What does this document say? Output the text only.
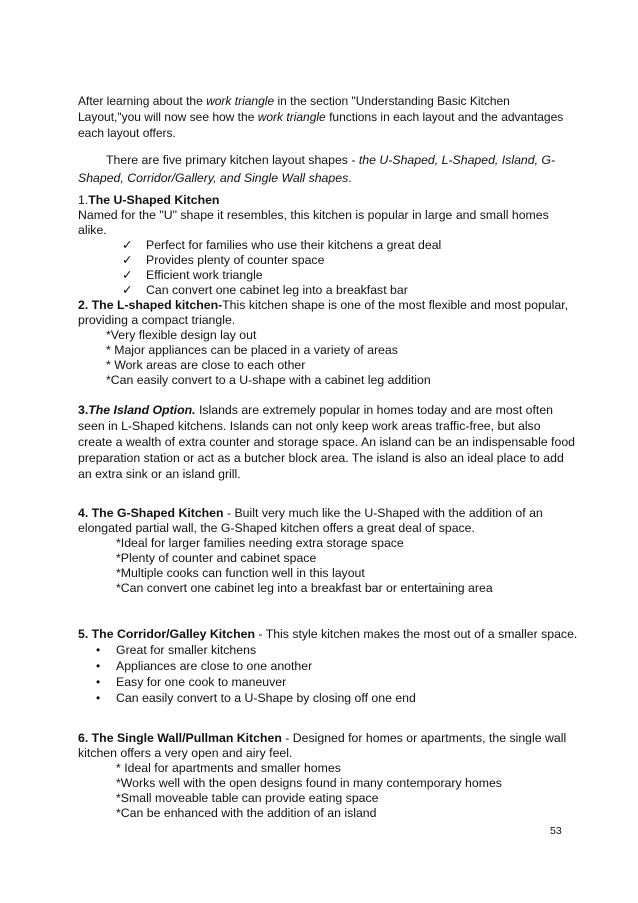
After learning about the work triangle in the section "Understanding Basic Kitchen Layout,"you will now see how the work triangle functions in each layout and the advantages each layout offers.

There are five primary kitchen layout shapes - the U-Shaped, L-Shaped, Island, G-Shaped, Corridor/Gallery, and Single Wall shapes.

1.The U-Shaped Kitchen

Named for the "U" shape it resembles, this kitchen is popular in large and small homes alike.

✓ Perfect for families who use their kitchens a great deal
✓ Provides plenty of counter space
✓ Efficient work triangle
✓ Can convert one cabinet leg into a breakfast bar

2. The L-shaped kitchen-This kitchen shape is one of the most flexible and most popular, providing a compact triangle.

*Very flexible design lay out
* Major appliances can be placed in a variety of areas
* Work areas are close to each other
*Can easily convert to a U-shape with a cabinet leg addition

3.The Island Option. Islands are extremely popular in homes today and are most often seen in L-Shaped kitchens. Islands can not only keep work areas traffic-free, but also create a wealth of extra counter and storage space. An island can be an indispensable food preparation station or act as a butcher block area. The island is also an ideal place to add an extra sink or an island grill.

4. The G-Shaped Kitchen - Built very much like the U-Shaped with the addition of an elongated partial wall, the G-Shaped kitchen offers a great deal of space.

*Ideal for larger families needing extra storage space
*Plenty of counter and cabinet space
*Multiple cooks can function well in this layout
*Can convert one cabinet leg into a breakfast bar or entertaining area

5. The Corridor/Galley Kitchen - This style kitchen makes the most out of a smaller space.

• Great for smaller kitchens
• Appliances are close to one another
• Easy for one cook to maneuver
• Can easily convert to a U-Shape by closing off one end

6. The Single Wall/Pullman Kitchen - Designed for homes or apartments, the single wall kitchen offers a very open and airy feel.

* Ideal for apartments and smaller homes
*Works well with the open designs found in many contemporary homes
*Small moveable table can provide eating space
*Can be enhanced with the addition of an island
53
